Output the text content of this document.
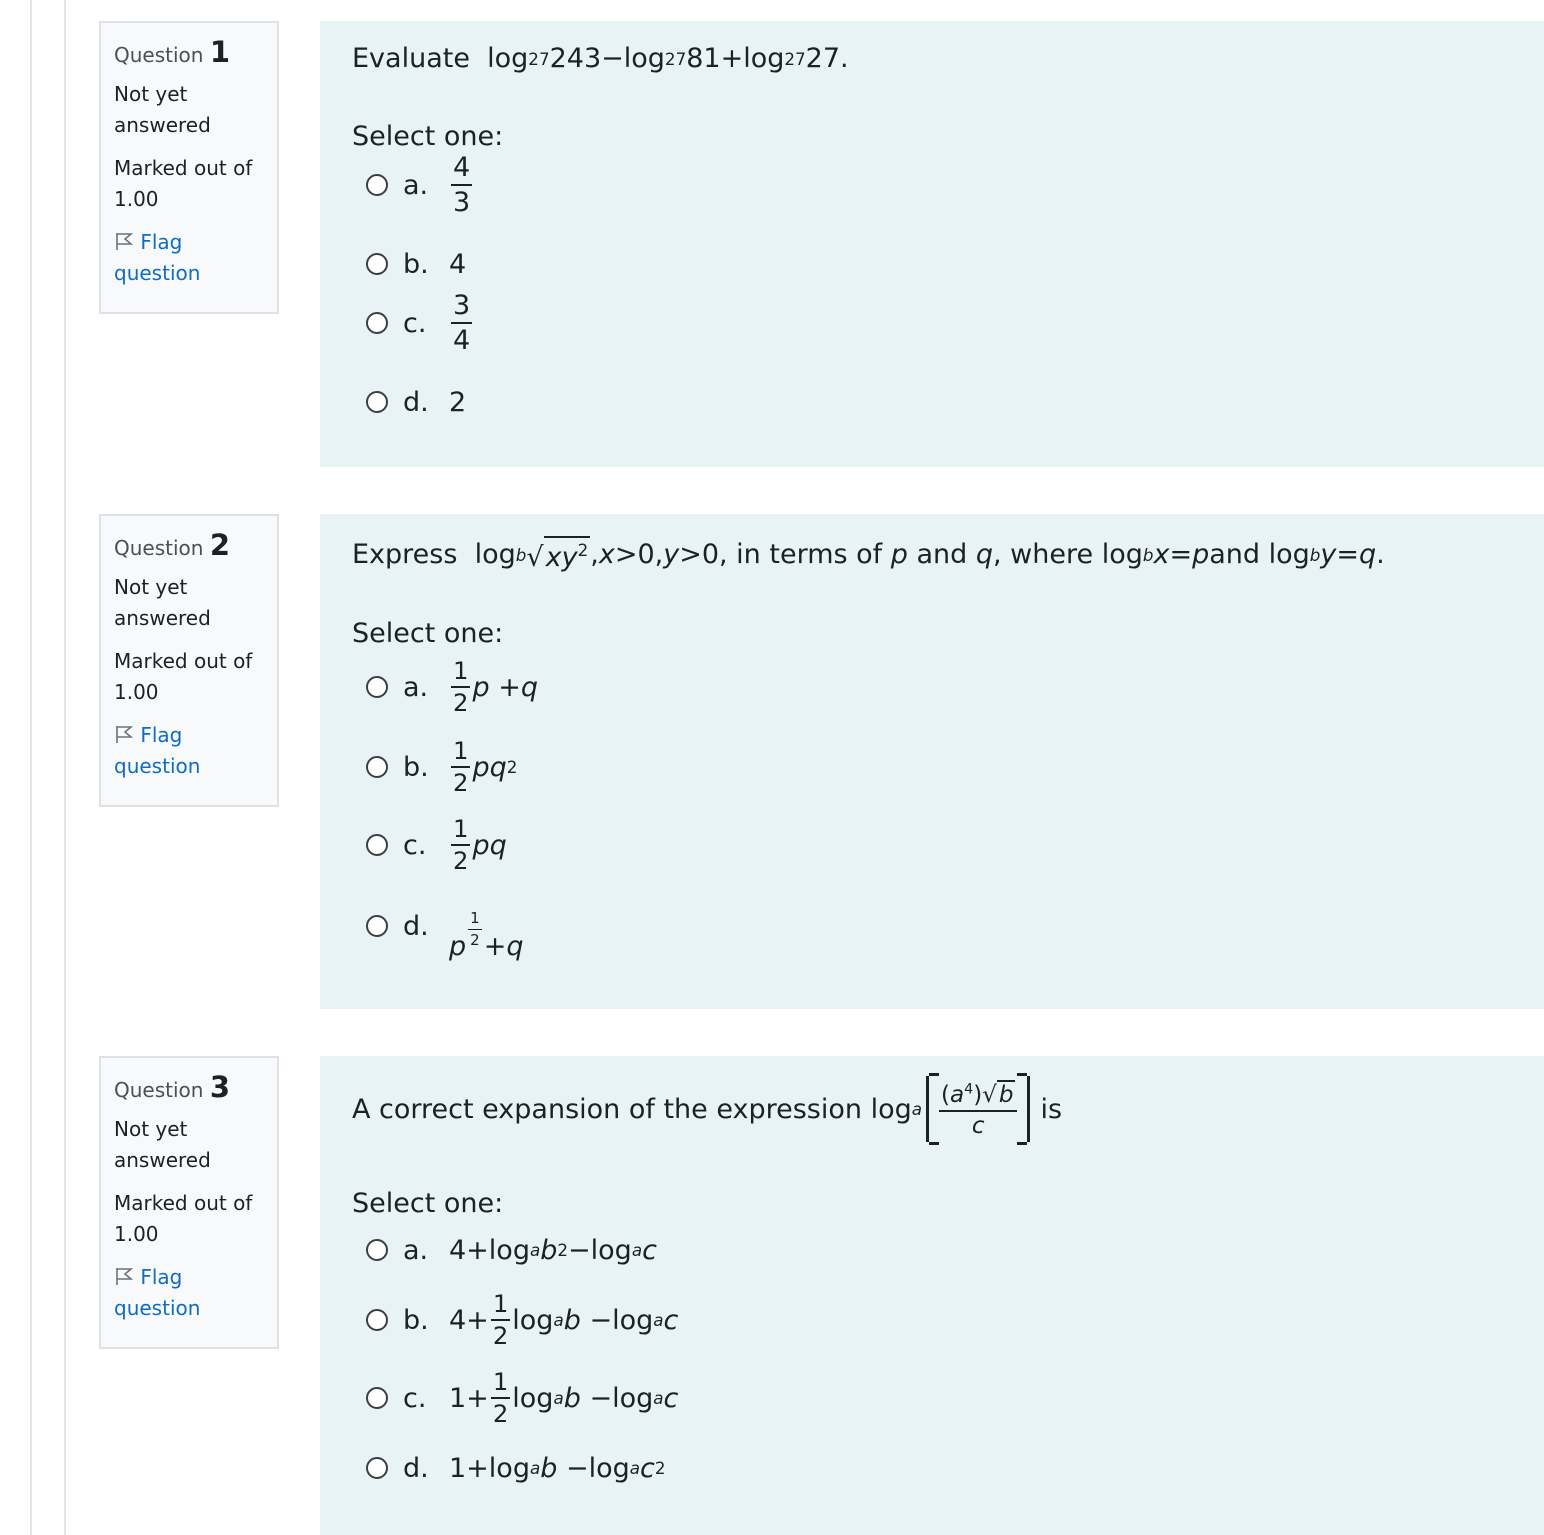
Question 1
Not yet answered
Marked out of 1.00
Flag question
Evaluate  log 27 243−log 27 81+log 27 27.
Select one:
a. $\frac{4}{3}$
b. 4
c. $\frac{3}{4}$
d. 2
Question 2
Not yet answered
Marked out of 1.00
Flag question
Express  log b √ $xy^2$ , x >0, y >0, in terms of p and q , where log b x = p and log b y = q .
Select one:
a. $\frac{1}{2}$ p + q
b. $\frac{1}{2}$ pq 2
c.	$\frac{1}{2}$ pq
d.
p $\frac{1}{2} + q$
Question 3
Not yet answered
Marked out of 1.00
Flag question
A correct expansion of the expression log a $\frac{(a^4)√ b}{c}$ is
Select one:
a. 4+log a b 2 −log a c
b. $4+ \frac{1}{2}$ log a b −log a c
c. $1+ \frac{1}{2}$ log a b −log a c
d. 1+log a b −log a c 2
